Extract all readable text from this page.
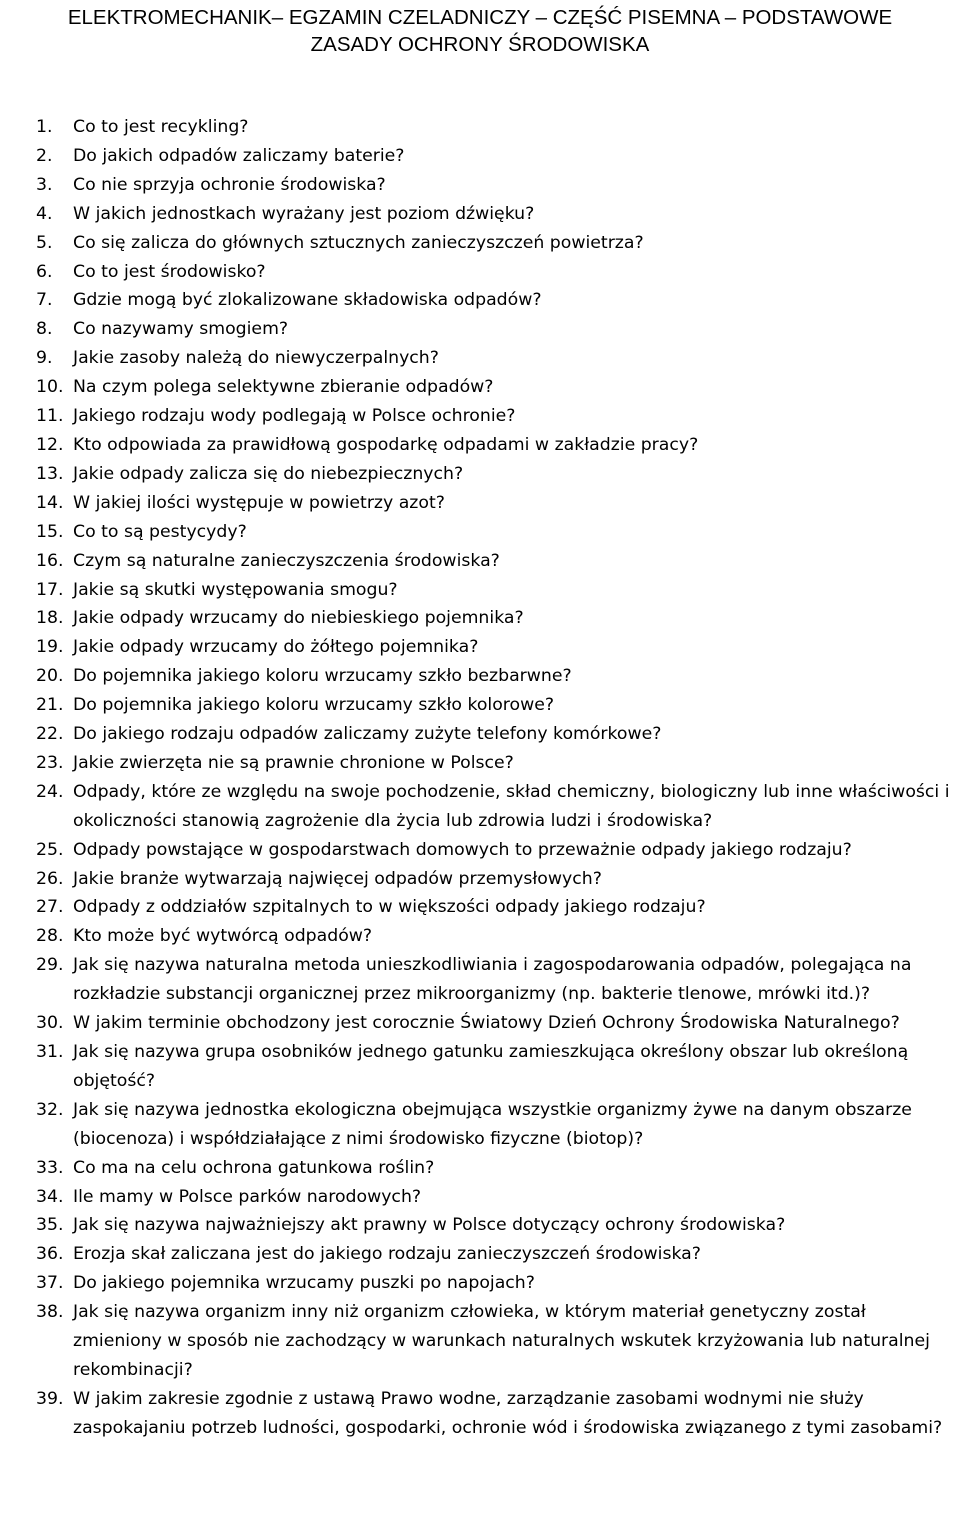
ELEKTROMECHANIK– EGZAMIN CZELADNICZY – CZĘŚĆ PISEMNA – PODSTAWOWE
ZASADY OCHRONY ŚRODOWISKA
1. Co to jest recykling?
2. Do jakich odpadów zaliczamy baterie?
3. Co nie sprzyja ochronie środowiska?
4. W jakich jednostkach wyrażany jest poziom dźwięku?
5. Co się zalicza do głównych sztucznych zanieczyszczeń powietrza?
6. Co to jest środowisko?
7. Gdzie mogą być zlokalizowane składowiska odpadów?
8. Co nazywamy smogiem?
9. Jakie zasoby należą do niewyczerpalnych?
10. Na czym polega selektywne zbieranie odpadów?
11. Jakiego rodzaju wody podlegają w Polsce ochronie?
12. Kto odpowiada za prawidłową gospodarkę odpadami w zakładzie pracy?
13. Jakie odpady zalicza się do niebezpiecznych?
14. W jakiej ilości występuje w powietrzy azot?
15. Co to są pestycydy?
16. Czym są naturalne zanieczyszczenia środowiska?
17. Jakie są skutki występowania smogu?
18. Jakie odpady wrzucamy do niebieskiego pojemnika?
19. Jakie odpady wrzucamy do żółtego pojemnika?
20. Do pojemnika jakiego koloru wrzucamy szkło bezbarwne?
21. Do pojemnika jakiego koloru wrzucamy szkło kolorowe?
22. Do jakiego rodzaju odpadów zaliczamy zużyte telefony komórkowe?
23. Jakie zwierzęta nie są prawnie chronione w Polsce?
24. Odpady, które ze względu na swoje pochodzenie, skład chemiczny, biologiczny lub inne właściwości i okoliczności stanowią zagrożenie dla życia lub zdrowia ludzi i środowiska?
25. Odpady powstające w gospodarstwach domowych to przeważnie odpady jakiego rodzaju?
26. Jakie branże wytwarzają najwięcej odpadów przemysłowych?
27. Odpady z oddziałów szpitalnych to w większości odpady jakiego rodzaju?
28. Kto może być wytwórcą odpadów?
29. Jak się nazywa naturalna metoda unieszkodliwiania i zagospodarowania odpadów, polegająca na rozkładzie substancji organicznej przez mikroorganizmy (np. bakterie tlenowe, mrówki itd.)?
30. W jakim terminie obchodzony jest corocznie Światowy Dzień Ochrony Środowiska Naturalnego?
31. Jak się nazywa grupa osobników jednego gatunku zamieszkująca określony obszar lub określoną objętość?
32. Jak się nazywa jednostka ekologiczna obejmująca wszystkie organizmy żywe na danym obszarze (biocenoza) i współdziałające z nimi środowisko fizyczne (biotop)?
33. Co ma na celu ochrona gatunkowa roślin?
34. Ile mamy w Polsce parków narodowych?
35. Jak się nazywa najważniejszy akt prawny w Polsce dotyczący ochrony środowiska?
36. Erozja skał zaliczana jest do jakiego rodzaju zanieczyszczeń środowiska?
37. Do jakiego pojemnika wrzucamy puszki po napojach?
38. Jak się nazywa organizm inny niż organizm człowieka, w którym materiał genetyczny został zmieniony w sposób nie zachodzący w warunkach naturalnych wskutek krzyżowania lub naturalnej rekombinacji?
39. W jakim zakresie zgodnie z ustawą Prawo wodne, zarządzanie zasobami wodnymi nie służy zaspokajaniu potrzeb ludności, gospodarki, ochronie wód i środowiska związanego z tymi zasobami?
